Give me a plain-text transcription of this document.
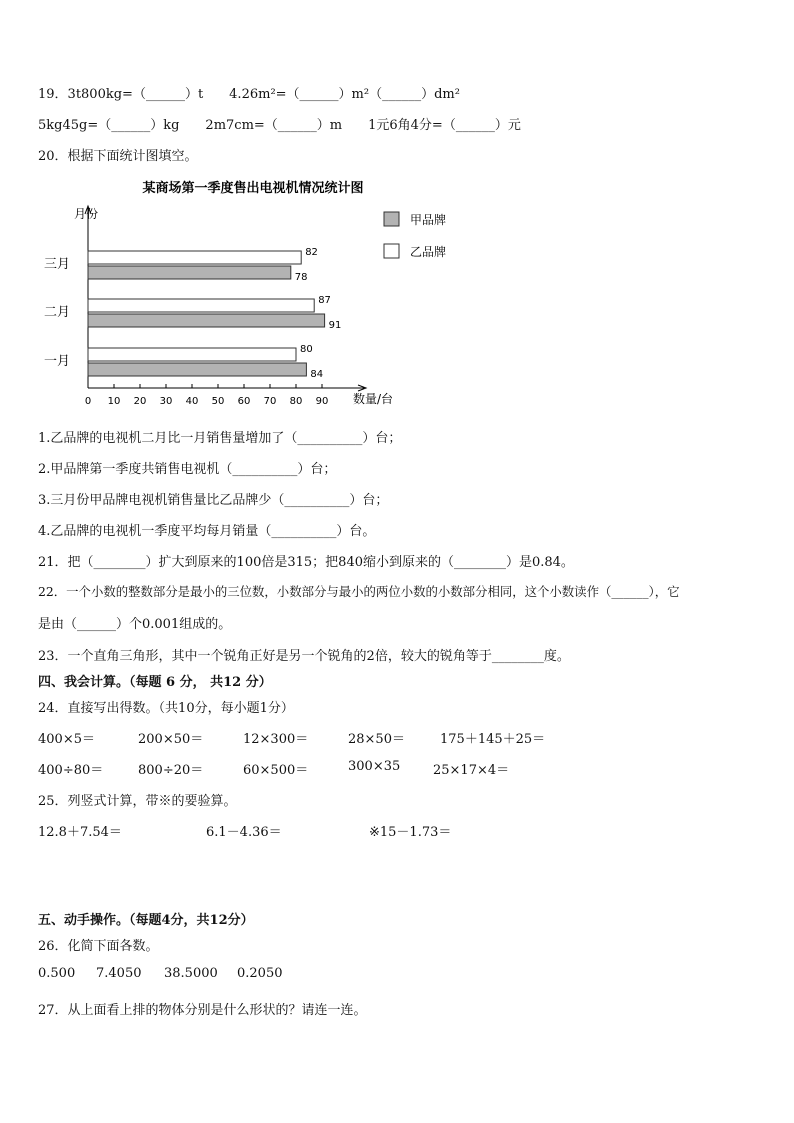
19．3t800kg=（______）t　　4.26m²=（______）m²（______）dm²
5kg45g=（______）kg　　2m7cm=（______）m　　1元6角4分=（______）元
20．根据下面统计图填空。
某商场第一季度售出电视机情况统计图
月份
数量/台
0 10 20 30 40 50 60 70 80 90
80
84
87
91
82
78
一月
二月
三月
甲品牌
乙品牌
1.乙品牌的电视机二月比一月销售量增加了（__________）台；
2.甲品牌第一季度共销售电视机（__________）台；
3.三月份甲品牌电视机销售量比乙品牌少（__________）台；
4.乙品牌的电视机一季度平均每月销量（__________）台。
21．把（________）扩大到原来的100倍是315；把840缩小到原来的（________）是0.84。
22．一个小数的整数部分是最小的三位数，小数部分与最小的两位小数的小数部分相同，这个小数读作（______），它
是由（______）个0.001组成的。
23．一个直角三角形，其中一个锐角正好是另一个锐角的2倍，较大的锐角等于________度。
四、我会计算。（每题 6 分， 共12 分）
24．直接写出得数。（共10分，每小题1分）
400×5＝	200×50＝	12×300＝	28×50＝	175＋145＋25＝
400÷80＝	800÷20＝	60×500＝	300×35	25×17×4＝
25．列竖式计算，带※的要验算。
12.8＋7.54＝	6.1－4.36＝	※15－1.73＝
五、动手操作。（每题4分，共12分）
26．化简下面各数。
0.500 7.4050 38.5000 0.2050
27．从上面看上排的物体分别是什么形状的？请连一连。
